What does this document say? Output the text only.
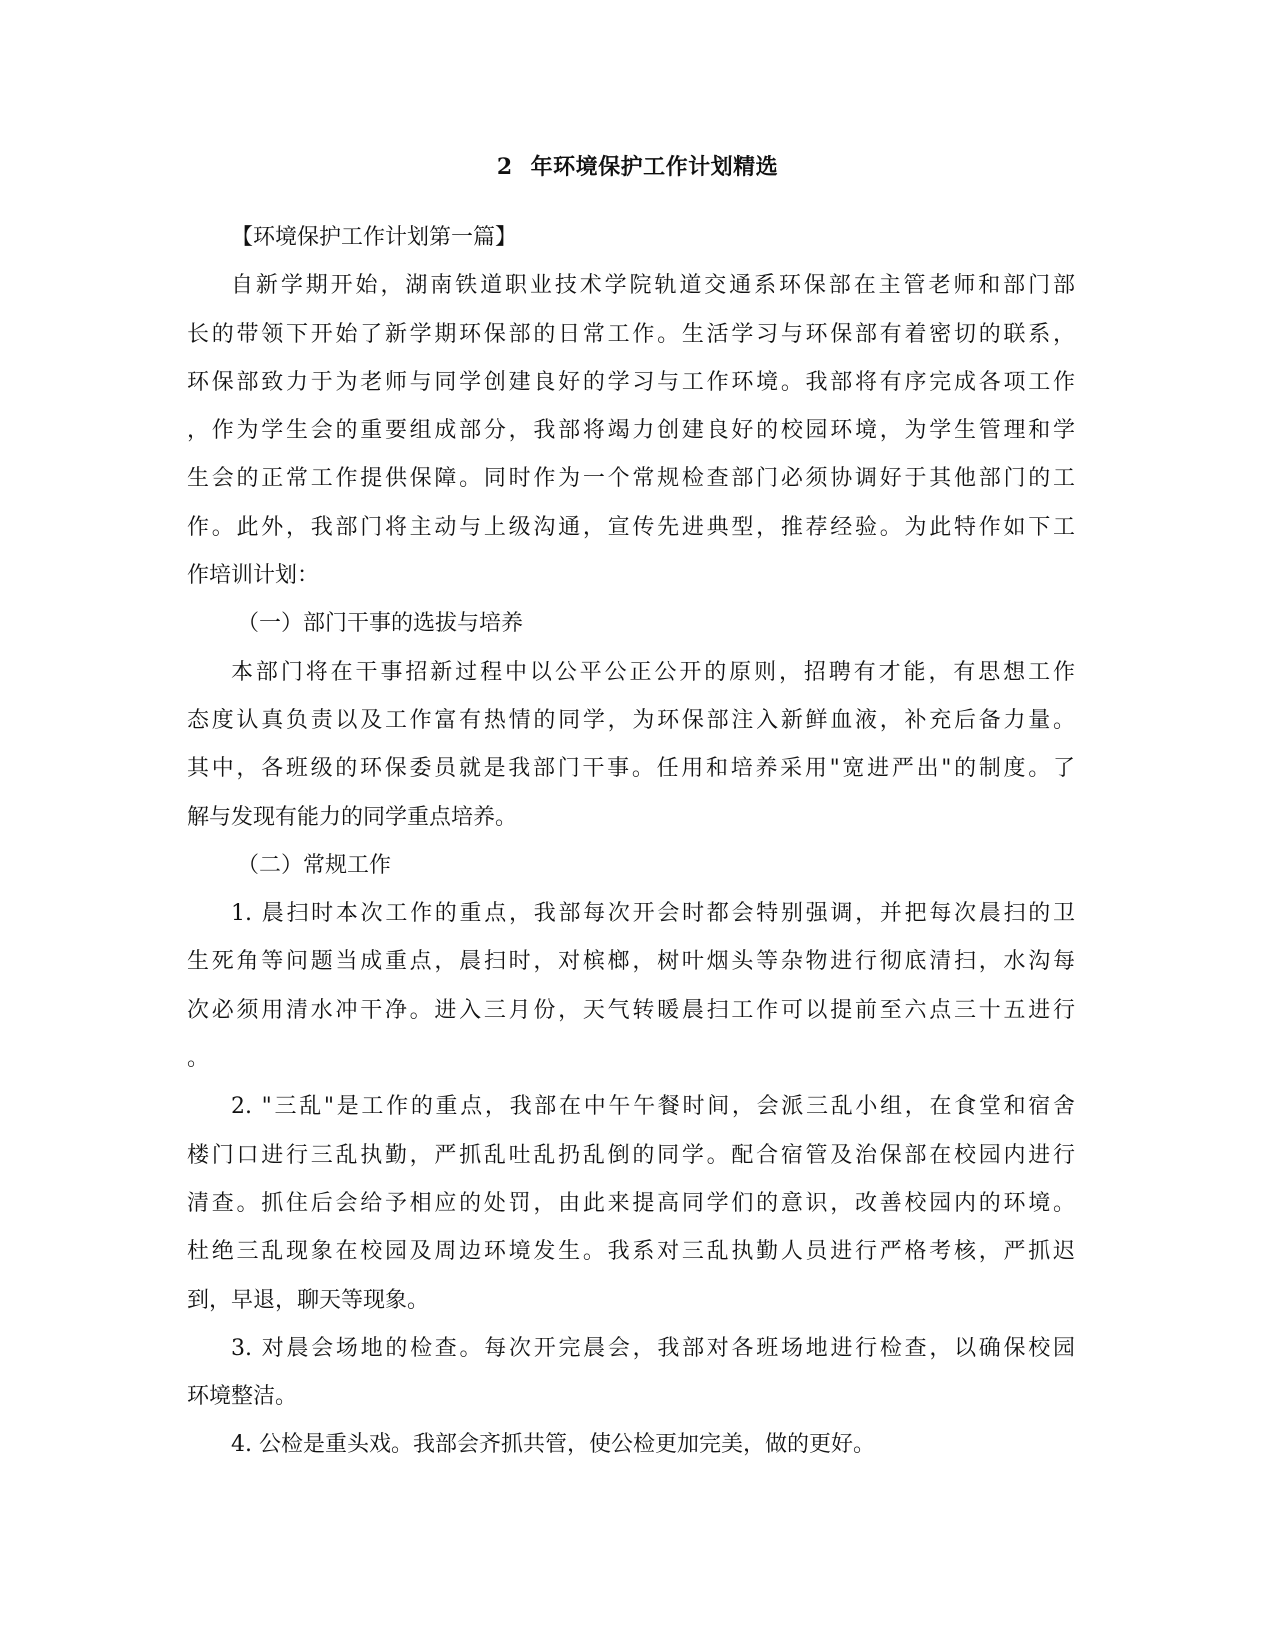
2 年环境保护工作计划精选
【环境保护工作计划第一篇】
自新学期开始，湖南铁道职业技术学院轨道交通系环保部在主管老师和部门部
长的带领下开始了新学期环保部的日常工作。生活学习与环保部有着密切的联系，
环保部致力于为老师与同学创建良好的学习与工作环境。我部将有序完成各项工作
，作为学生会的重要组成部分，我部将竭力创建良好的校园环境，为学生管理和学
生会的正常工作提供保障。同时作为一个常规检查部门必须协调好于其他部门的工
作。此外，我部门将主动与上级沟通，宣传先进典型，推荐经验。为此特作如下工
作培训计划：
（一）部门干事的选拔与培养
本部门将在干事招新过程中以公平公正公开的原则，招聘有才能，有思想工作
态度认真负责以及工作富有热情的同学，为环保部注入新鲜血液，补充后备力量。
其中，各班级的环保委员就是我部门干事。任用和培养采用"宽进严出"的制度。了
解与发现有能力的同学重点培养。
（二）常规工作
1. 晨扫时本次工作的重点，我部每次开会时都会特别强调，并把每次晨扫的卫
生死角等问题当成重点，晨扫时，对槟榔，树叶烟头等杂物进行彻底清扫，水沟每
次必须用清水冲干净。进入三月份，天气转暖晨扫工作可以提前至六点三十五进行
。
2. "三乱"是工作的重点，我部在中午午餐时间，会派三乱小组，在食堂和宿舍
楼门口进行三乱执勤，严抓乱吐乱扔乱倒的同学。配合宿管及治保部在校园内进行
清查。抓住后会给予相应的处罚，由此来提高同学们的意识，改善校园内的环境。
杜绝三乱现象在校园及周边环境发生。我系对三乱执勤人员进行严格考核，严抓迟
到，早退，聊天等现象。
3. 对晨会场地的检查。每次开完晨会，我部对各班场地进行检查，以确保校园
环境整洁。
4. 公检是重头戏。我部会齐抓共管，使公检更加完美，做的更好。
